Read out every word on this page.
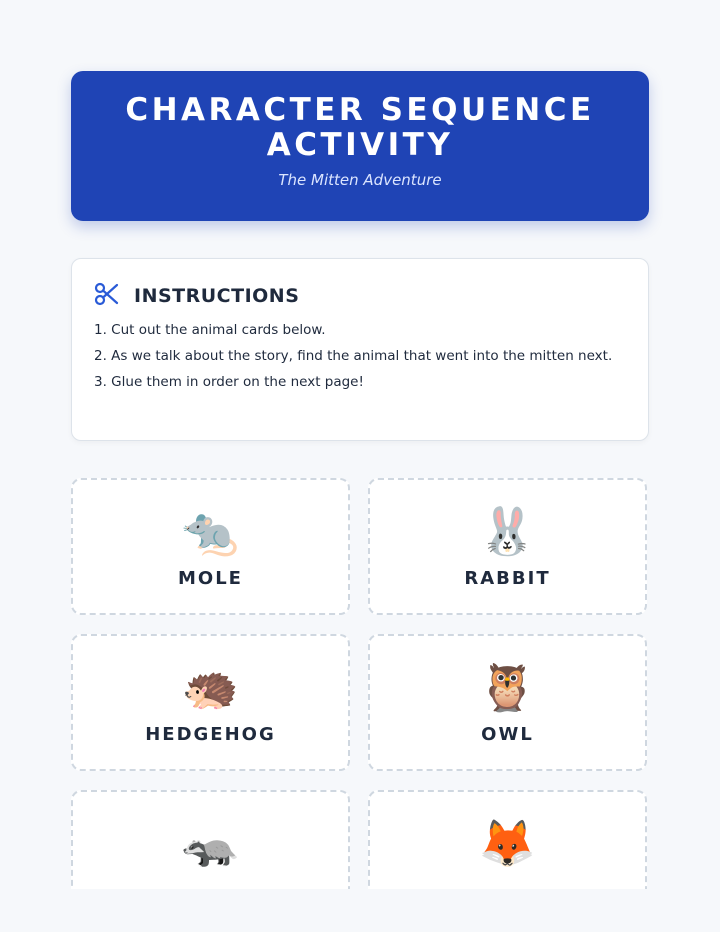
CHARACTER SEQUENCE ACTIVITY
The Mitten Adventure
INSTRUCTIONS
1. Cut out the animal cards below.
2. As we talk about the story, find the animal that went into the mitten next.
3. Glue them in order on the next page!
🐀
MOLE
🐰
RABBIT
🦔
HEDGEHOG
🦉
OWL
🦡	🦊
